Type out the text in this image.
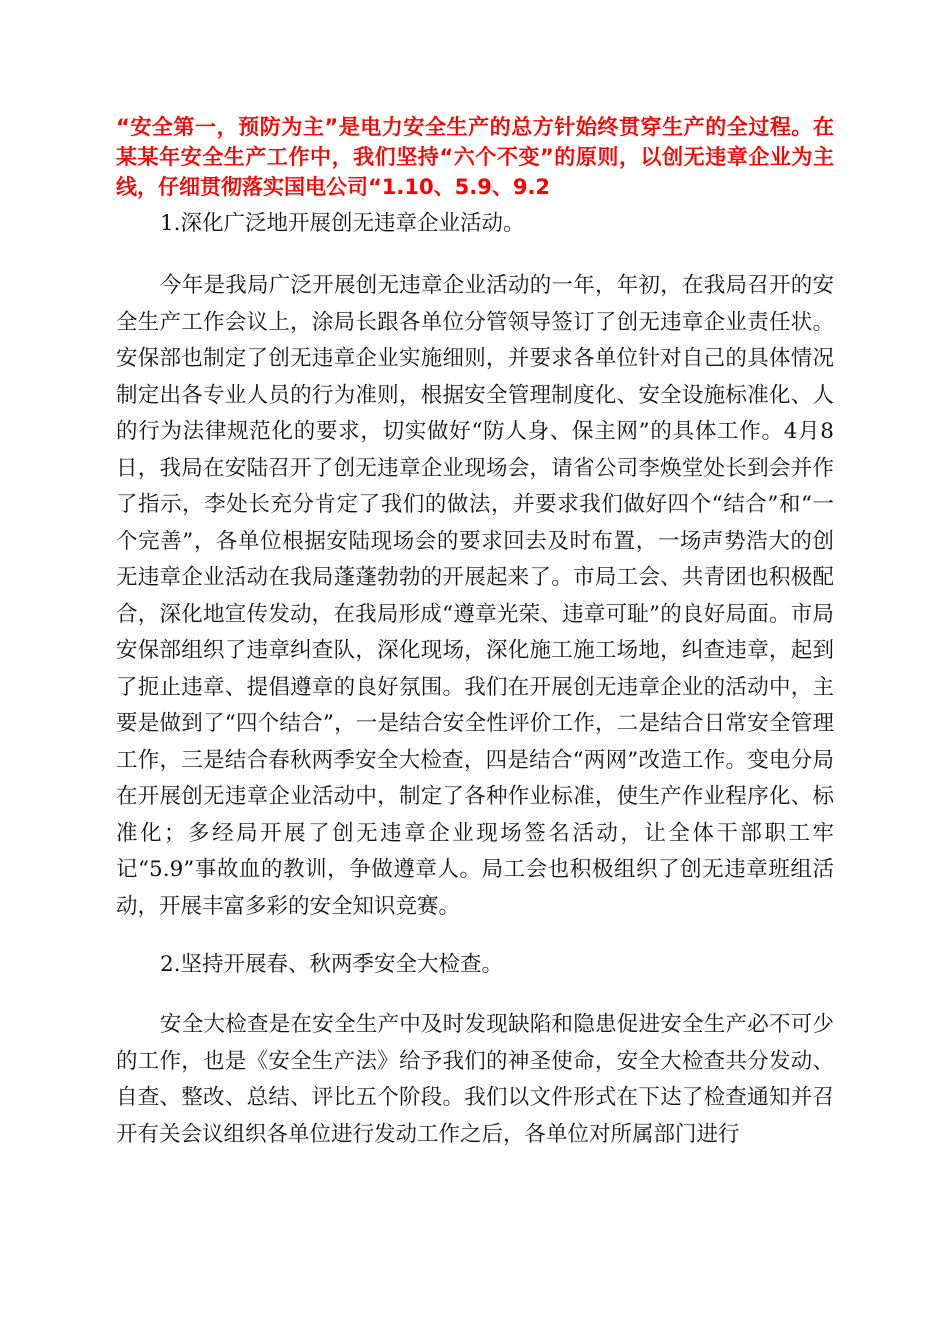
“安全第一，预防为主”是电力安全生产的总方针始终贯穿生产的全过程。在某某年安全生产工作中，我们坚持“六个不变”的原则，以创无违章企业为主线，仔细贯彻落实国电公司“1.10、5.9、9.2

1.深化广泛地开展创无违章企业活动。

今年是我局广泛开展创无违章企业活动的一年，年初，在我局召开的安全生产工作会议上，涂局长跟各单位分管领导签订了创无违章企业责任状。安保部也制定了创无违章企业实施细则，并要求各单位针对自己的具体情况制定出各专业人员的行为准则，根据安全管理制度化、安全设施标准化、人的行为法律规范化的要求，切实做好“防人身、保主网”的具体工作。4月8日，我局在安陆召开了创无违章企业现场会，请省公司李焕堂处长到会并作了指示，李处长充分肯定了我们的做法，并要求我们做好四个“结合”和“一个完善”，各单位根据安陆现场会的要求回去及时布置，一场声势浩大的创无违章企业活动在我局蓬蓬勃勃的开展起来了。市局工会、共青团也积极配合，深化地宣传发动，在我局形成“遵章光荣、违章可耻”的良好局面。市局安保部组织了违章纠查队，深化现场，深化施工施工场地，纠查违章，起到了扼止违章、提倡遵章的良好氛围。我们在开展创无违章企业的活动中，主要是做到了“四个结合”，一是结合安全性评价工作，二是结合日常安全管理工作，三是结合春秋两季安全大检查，四是结合“两网”改造工作。变电分局在开展创无违章企业活动中，制定了各种作业标准，使生产作业程序化、标准化；多经局开展了创无违章企业现场签名活动，让全体干部职工牢记“5.9”事故血的教训，争做遵章人。局工会也积极组织了创无违章班组活动，开展丰富多彩的安全知识竞赛。

2.坚持开展春、秋两季安全大检查。

安全大检查是在安全生产中及时发现缺陷和隐患促进安全生产必不可少的工作，也是《安全生产法》给予我们的神圣使命，安全大检查共分发动、自查、整改、总结、评比五个阶段。我们以文件形式在下达了检查通知并召开有关会议组织各单位进行发动工作之后，各单位对所属部门进行
